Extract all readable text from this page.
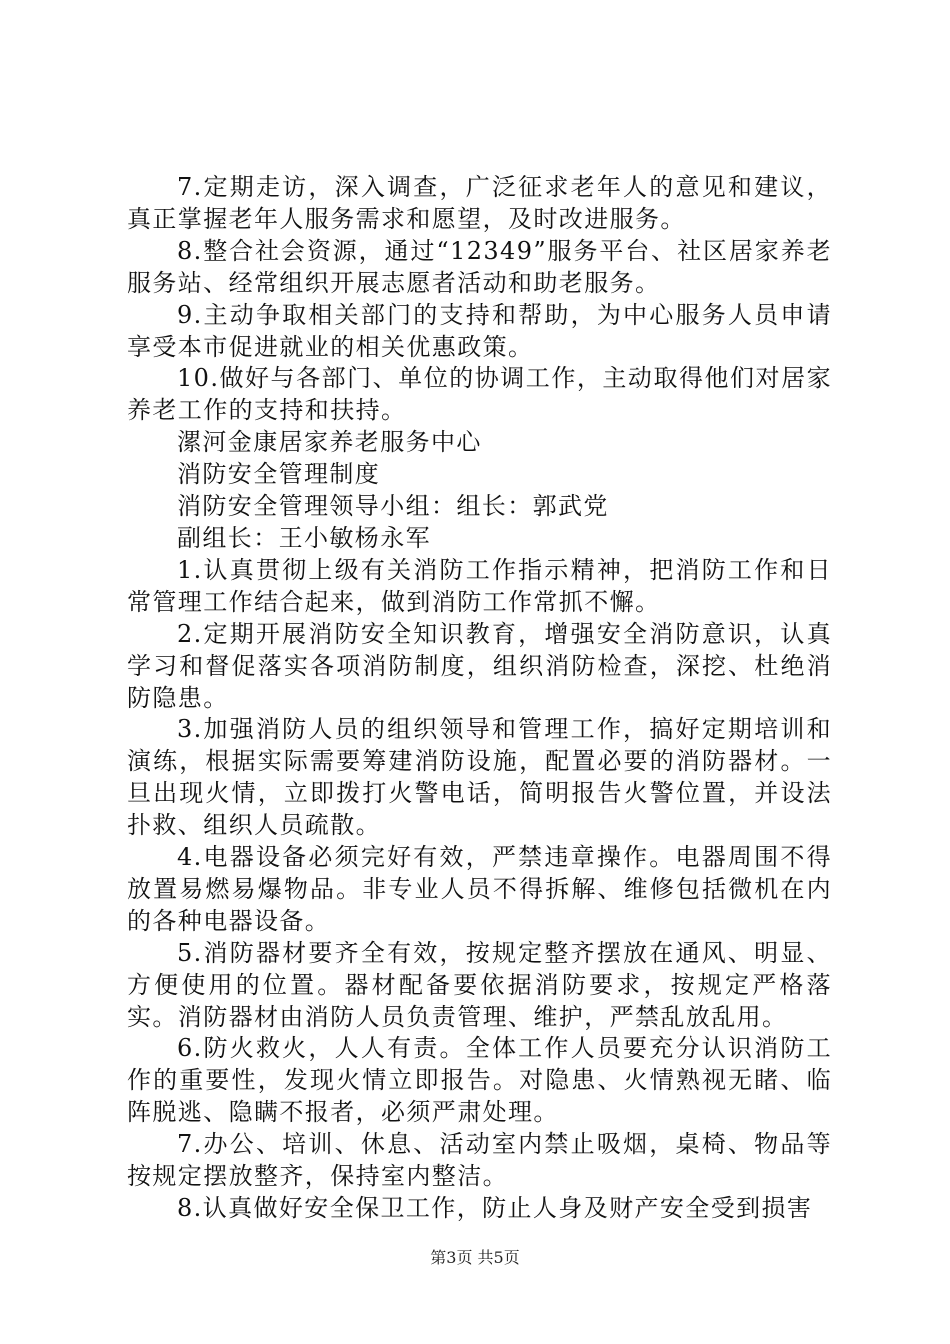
7.定期走访，深入调查，广泛征求老年人的意见和建议，真正掌握老年人服务需求和愿望，及时改进服务。

8.整合社会资源，通过“12349”服务平台、社区居家养老服务站、经常组织开展志愿者活动和助老服务。

9.主动争取相关部门的支持和帮助，为中心服务人员申请享受本市促进就业的相关优惠政策。

10.做好与各部门、单位的协调工作，主动取得他们对居家养老工作的支持和扶持。

漯河金康居家养老服务中心

消防安全管理制度

消防安全管理领导小组：组长：郭武党

副组长：王小敏杨永军

1.认真贯彻上级有关消防工作指示精神，把消防工作和日常管理工作结合起来，做到消防工作常抓不懈。

2.定期开展消防安全知识教育，增强安全消防意识，认真学习和督促落实各项消防制度，组织消防检查，深挖、杜绝消防隐患。

3.加强消防人员的组织领导和管理工作，搞好定期培训和演练，根据实际需要筹建消防设施，配置必要的消防器材。一旦出现火情，立即拨打火警电话，简明报告火警位置，并设法扑救、组织人员疏散。

4.电器设备必须完好有效，严禁违章操作。电器周围不得放置易燃易爆物品。非专业人员不得拆解、维修包括微机在内的各种电器设备。

5.消防器材要齐全有效，按规定整齐摆放在通风、明显、方便使用的位置。器材配备要依据消防要求，按规定严格落实。消防器材由消防人员负责管理、维护，严禁乱放乱用。

6.防火救火，人人有责。全体工作人员要充分认识消防工作的重要性，发现火情立即报告。对隐患、火情熟视无睹、临阵脱逃、隐瞒不报者，必须严肃处理。

7.办公、培训、休息、活动室内禁止吸烟，桌椅、物品等按规定摆放整齐，保持室内整洁。

8.认真做好安全保卫工作，防止人身及财产安全受到损害

第3页 共5页
